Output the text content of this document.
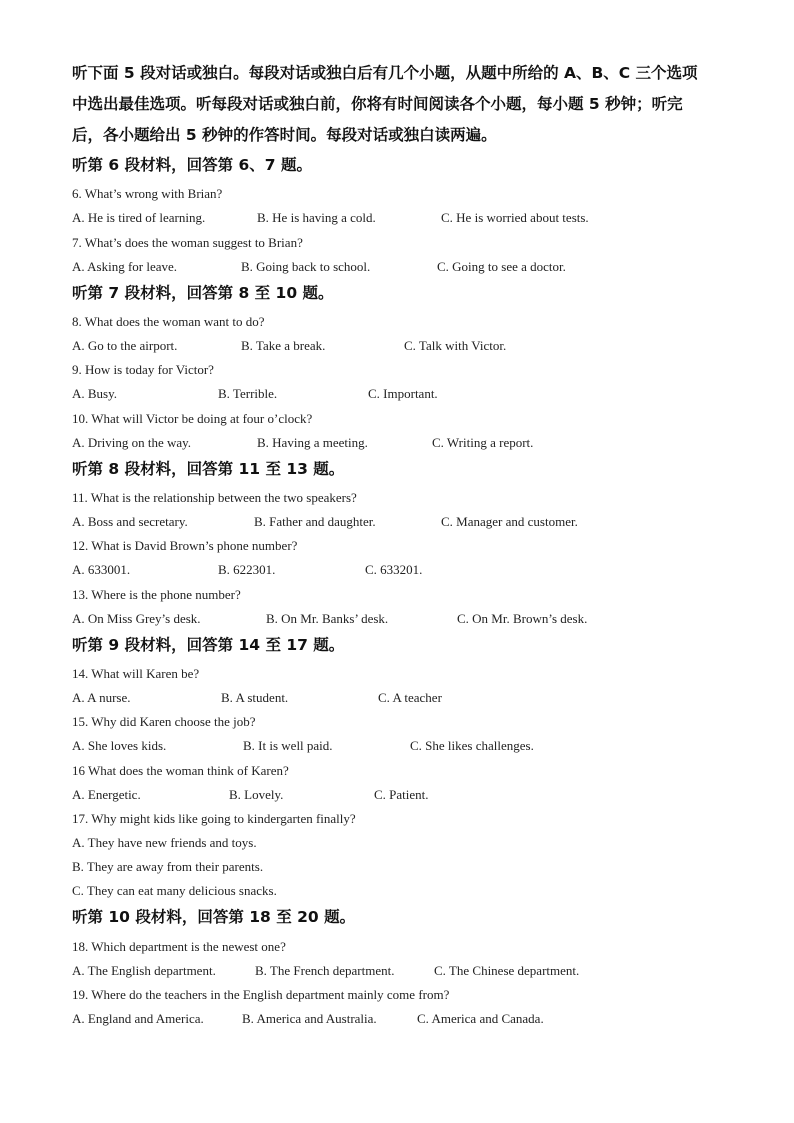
听下面 5 段对话或独白。每段对话或独白后有几个小题，从题中所给的 A、B、C 三个选项
中选出最佳选项。听每段对话或独白前，你将有时间阅读各个小题，每小题 5 秒钟；听完
后，各小题给出 5 秒钟的作答时间。每段对话或独白读两遍。
听第 6 段材料，回答第 6、7 题。
6. What’s wrong with Brian?
A. He is tired of learning.	B. He is having a cold.	C. He is worried about tests.
7. What’s does the woman suggest to Brian?
A. Asking for leave.	B. Going back to school.	C. Going to see a doctor.
听第 7 段材料，回答第 8 至 10 题。
8. What does the woman want to do?
A. Go to the airport.	B. Take a break.	C. Talk with Victor.
9. How is today for Victor?
A. Busy.	B. Terrible.	C. Important.
10. What will Victor be doing at four o’clock?
A. Driving on the way.	B. Having a meeting.	C. Writing a report.
听第 8 段材料，回答第 11 至 13 题。
11. What is the relationship between the two speakers?
A. Boss and secretary.	B. Father and daughter.	C. Manager and customer.
12. What is David Brown’s phone number?
A. 633001.	B. 622301.	C. 633201.
13. Where is the phone number?
A. On Miss Grey’s desk.	B. On Mr. Banks’ desk.	C. On Mr. Brown’s desk.
听第 9 段材料，回答第 14 至 17 题。
14. What will Karen be?
A. A nurse.	B. A student.	C. A teacher
15. Why did Karen choose the job?
A. She loves kids.	B. It is well paid.	C. She likes challenges.
16 What does the woman think of Karen?
A. Energetic.	B. Lovely.	C. Patient.
17. Why might kids like going to kindergarten finally?
A. They have new friends and toys.
B. They are away from their parents.
C. They can eat many delicious snacks.
听第 10 段材料，回答第 18 至 20 题。
18. Which department is the newest one?
A. The English department.	B. The French department.	C. The Chinese department.
19. Where do the teachers in the English department mainly come from?
A. England and America.	B. America and Australia.	C. America and Canada.
